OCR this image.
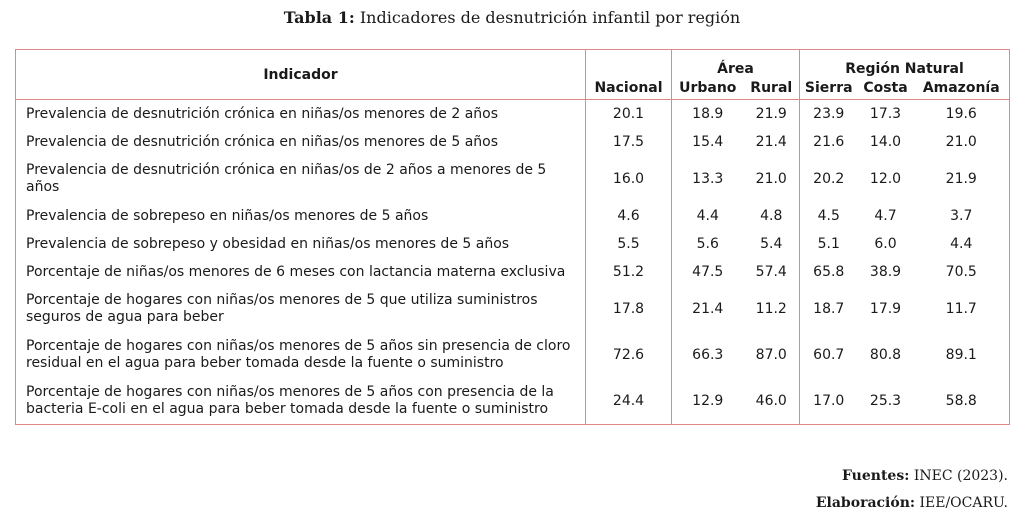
Tabla 1: Indicadores de desnutrición infantil por región
Indicador		Área		Región Natural		
	Nacional	Urbano	Rural	Sierra	Costa	Amazonía
Prevalencia de desnutrición crónica en niñas/os menores de 2 años	20.1	18.9	21.9	23.9	17.3	19.6
Prevalencia de desnutrición crónica en niñas/os menores de 5 años	17.5	15.4	21.4	21.6	14.0	21.0
Prevalencia de desnutrición crónica en niñas/os de 2 años a menores de 5 años	16.0	13.3	21.0	20.2	12.0	21.9
Prevalencia de sobrepeso en niñas/os menores de 5 años	4.6	4.4	4.8	4.5	4.7	3.7
Prevalencia de sobrepeso y obesidad en niñas/os menores de 5 años	5.5	5.6	5.4	5.1	6.0	4.4
Porcentaje de niñas/os menores de 6 meses con lactancia materna exclusiva	51.2	47.5	57.4	65.8	38.9	70.5
Porcentaje de hogares con niñas/os menores de 5 que utiliza suministros seguros de agua para beber	17.8	21.4	11.2	18.7	17.9	11.7
Porcentaje de hogares con niñas/os menores de 5 años sin presencia de cloro residual en el agua para beber tomada desde la fuente o suministro	72.6	66.3	87.0	60.7	80.8	89.1
Porcentaje de hogares con niñas/os menores de 5 años con presencia de la bacteria E-coli en el agua para beber tomada desde la fuente o suministro	24.4	12.9	46.0	17.0	25.3	58.8
Fuentes: INEC (2023).
Elaboración: IEE/OCARU.
